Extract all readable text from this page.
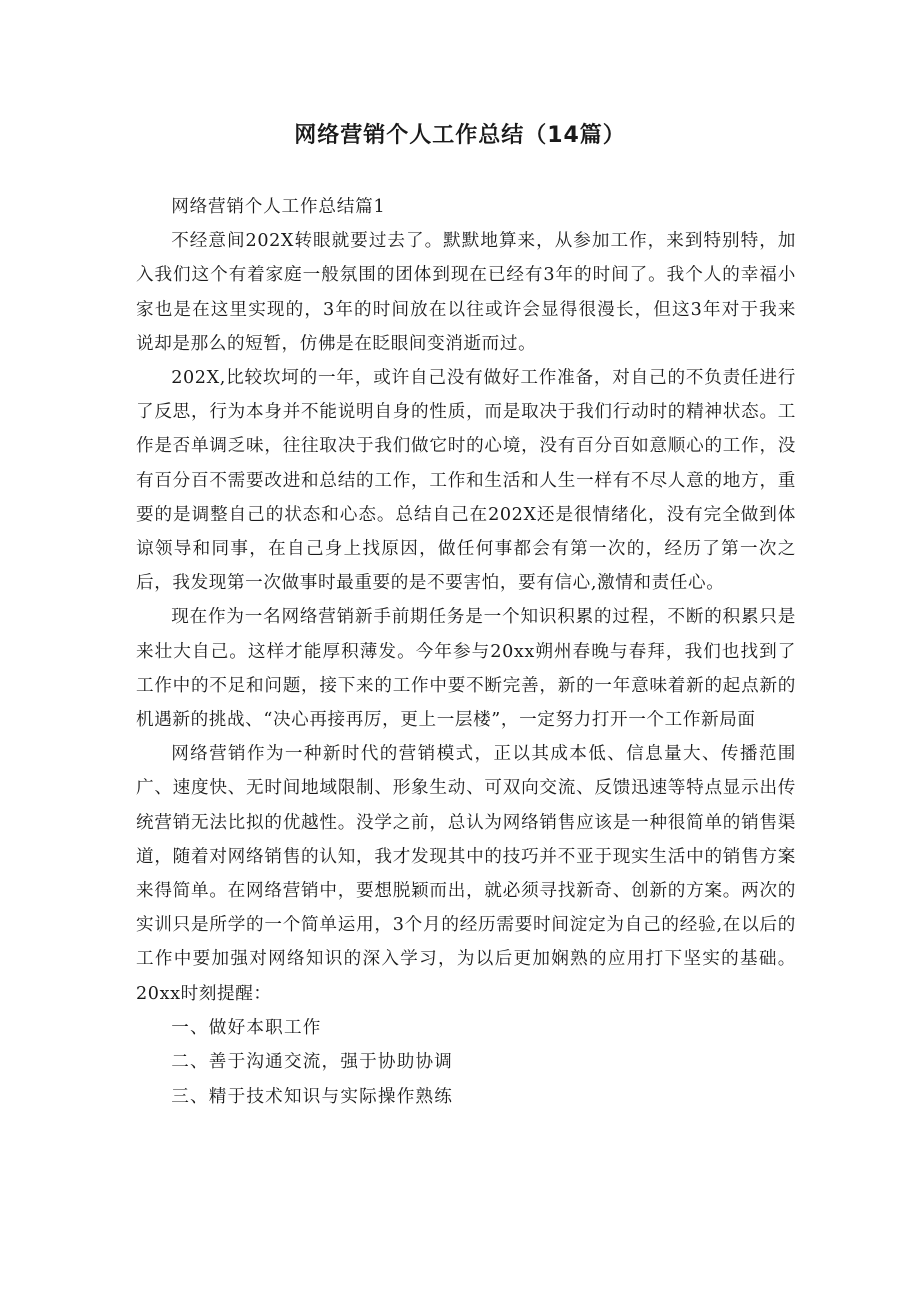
网络营销个人工作总结（14篇）

网络营销个人工作总结篇1

不经意间202X转眼就要过去了。默默地算来，从参加工作，来到特别特，加入我们这个有着家庭一般氛围的团体到现在已经有3年的时间了。我个人的幸福小家也是在这里实现的，3年的时间放在以往或许会显得很漫长，但这3年对于我来说却是那么的短暂，仿佛是在眨眼间变消逝而过。

202X,比较坎坷的一年，或许自己没有做好工作准备，对自己的不负责任进行了反思，行为本身并不能说明自身的性质，而是取决于我们行动时的精神状态。工作是否单调乏味，往往取决于我们做它时的心境，没有百分百如意顺心的工作，没有百分百不需要改进和总结的工作，工作和生活和人生一样有不尽人意的地方，重要的是调整自己的状态和心态。总结自己在202X还是很情绪化，没有完全做到体谅领导和同事，在自己身上找原因，做任何事都会有第一次的，经历了第一次之后，我发现第一次做事时最重要的是不要害怕，要有信心,激情和责任心。

现在作为一名网络营销新手前期任务是一个知识积累的过程，不断的积累只是来壮大自己。这样才能厚积薄发。今年参与20xx朔州春晚与春拜，我们也找到了工作中的不足和问题，接下来的工作中要不断完善，新的一年意味着新的起点新的机遇新的挑战、“决心再接再厉，更上一层楼”，一定努力打开一个工作新局面

网络营销作为一种新时代的营销模式，正以其成本低、信息量大、传播范围广、速度快、无时间地域限制、形象生动、可双向交流、反馈迅速等特点显示出传统营销无法比拟的优越性。没学之前，总认为网络销售应该是一种很简单的销售渠道，随着对网络销售的认知，我才发现其中的技巧并不亚于现实生活中的销售方案来得简单。在网络营销中，要想脱颖而出，就必须寻找新奇、创新的方案。两次的实训只是所学的一个简单运用，3个月的经历需要时间淀定为自己的经验,在以后的工作中要加强对网络知识的深入学习，为以后更加娴熟的应用打下坚实的基础。20xx时刻提醒：

一、做好本职工作

二、善于沟通交流，强于协助协调

三、精于技术知识与实际操作熟练
